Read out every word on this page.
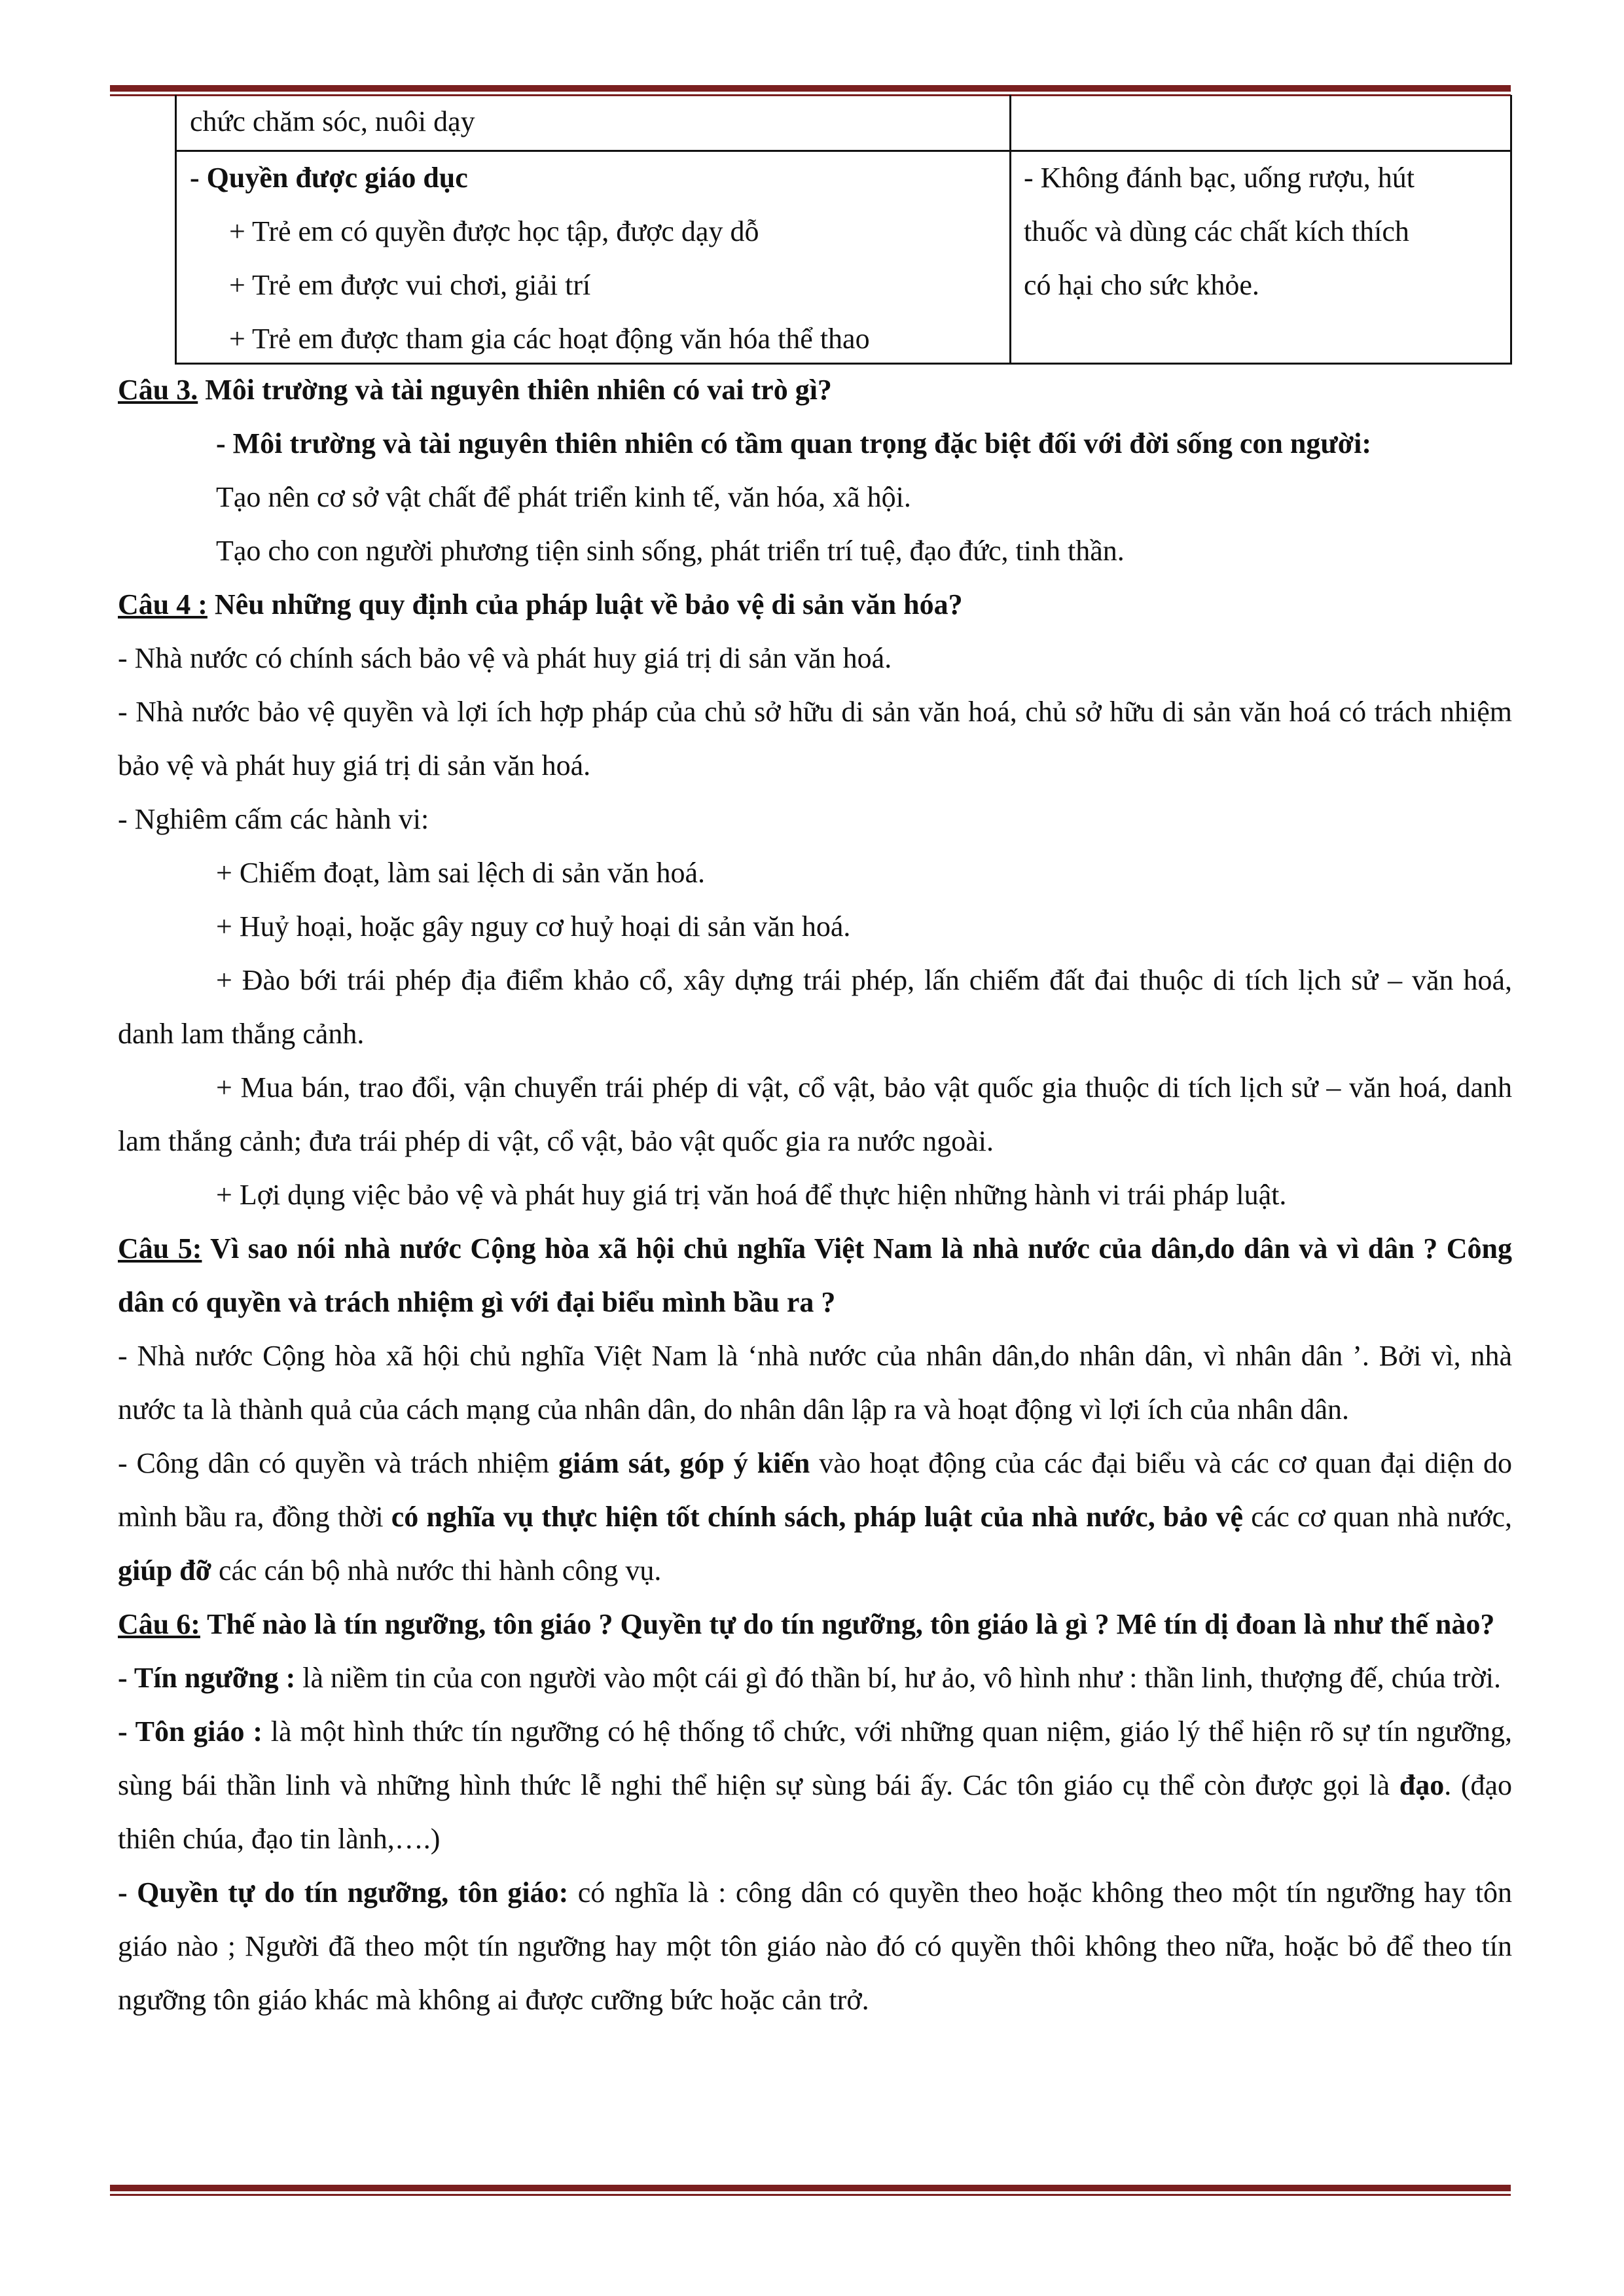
chức chăm sóc, nuôi dạy
- Quyền được giáo dục
+ Trẻ em có quyền được học tập, được dạy dỗ
+ Trẻ em được vui chơi, giải trí
+ Trẻ em được tham gia các hoạt động văn hóa thể thao
- Không đánh bạc, uống rượu, hút
thuốc và dùng các chất kích thích
có hại cho sức khỏe.

Câu 3. Môi trường và tài nguyên thiên nhiên có vai trò gì?

- Môi trường và tài nguyên thiên nhiên có tầm quan trọng đặc biệt đối với đời sống con người:

Tạo nên cơ sở vật chất để phát triển kinh tế, văn hóa, xã hội.

Tạo cho con người phương tiện sinh sống, phát triển trí tuệ, đạo đức, tinh thần.

Câu 4 : Nêu những quy định của pháp luật về bảo vệ di sản văn hóa?

- Nhà nước có chính sách bảo vệ và phát huy giá trị di sản văn hoá.

- Nhà nước bảo vệ quyền và lợi ích hợp pháp của chủ sở hữu di sản văn hoá, chủ sở hữu di sản văn hoá có trách nhiệm bảo vệ và phát huy giá trị di sản văn hoá.

- Nghiêm cấm các hành vi:

+ Chiếm đoạt, làm sai lệch di sản văn hoá.

+ Huỷ hoại, hoặc gây nguy cơ huỷ hoại di sản văn hoá.

+ Đào bới trái phép địa điểm khảo cổ, xây dựng trái phép, lấn chiếm đất đai thuộc di tích lịch sử – văn hoá, danh lam thắng cảnh.

+ Mua bán, trao đổi, vận chuyển trái phép di vật, cổ vật, bảo vật quốc gia thuộc di tích lịch sử – văn hoá, danh lam thắng cảnh; đưa trái phép di vật, cổ vật, bảo vật quốc gia ra nước ngoài.

+ Lợi dụng việc bảo vệ và phát huy giá trị văn hoá để thực hiện những hành vi trái pháp luật.

Câu 5: Vì sao nói nhà nước Cộng hòa xã hội chủ nghĩa Việt Nam là nhà nước của dân,do dân và vì dân ? Công dân có quyền và trách nhiệm gì với đại biểu mình bầu ra ?

- Nhà nước Cộng hòa xã hội chủ nghĩa Việt Nam là ‘nhà nước của nhân dân,do nhân dân, vì nhân dân ’. Bởi vì, nhà nước ta là thành quả của cách mạng của nhân dân, do nhân dân lập ra và hoạt động vì lợi ích của nhân dân.

- Công dân có quyền và trách nhiệm giám sát, góp ý kiến vào hoạt động của các đại biểu và các cơ quan đại diện do mình bầu ra, đồng thời có nghĩa vụ thực hiện tốt chính sách, pháp luật của nhà nước, bảo vệ các cơ quan nhà nước, giúp đỡ các cán bộ nhà nước thi hành công vụ.

Câu 6: Thế nào là tín ngưỡng, tôn giáo ? Quyền tự do tín ngưỡng, tôn giáo là gì ? Mê tín dị đoan là như thế nào?

- Tín ngưỡng : là niềm tin của con người vào một cái gì đó thần bí, hư ảo, vô hình như : thần linh, thượng đế, chúa trời.

- Tôn giáo : là một hình thức tín ngưỡng có hệ thống tổ chức, với những quan niệm, giáo lý thể hiện rõ sự tín ngưỡng, sùng bái thần linh và những hình thức lễ nghi thể hiện sự sùng bái ấy. Các tôn giáo cụ thể còn được gọi là đạo. (đạo thiên chúa, đạo tin lành,….)

- Quyền tự do tín ngưỡng, tôn giáo: có nghĩa là : công dân có quyền theo hoặc không theo một tín ngưỡng hay tôn giáo nào ; Người đã theo một tín ngưỡng hay một tôn giáo nào đó có quyền thôi không theo nữa, hoặc bỏ để theo tín ngưỡng tôn giáo khác mà không ai được cưỡng bức hoặc cản trở.
